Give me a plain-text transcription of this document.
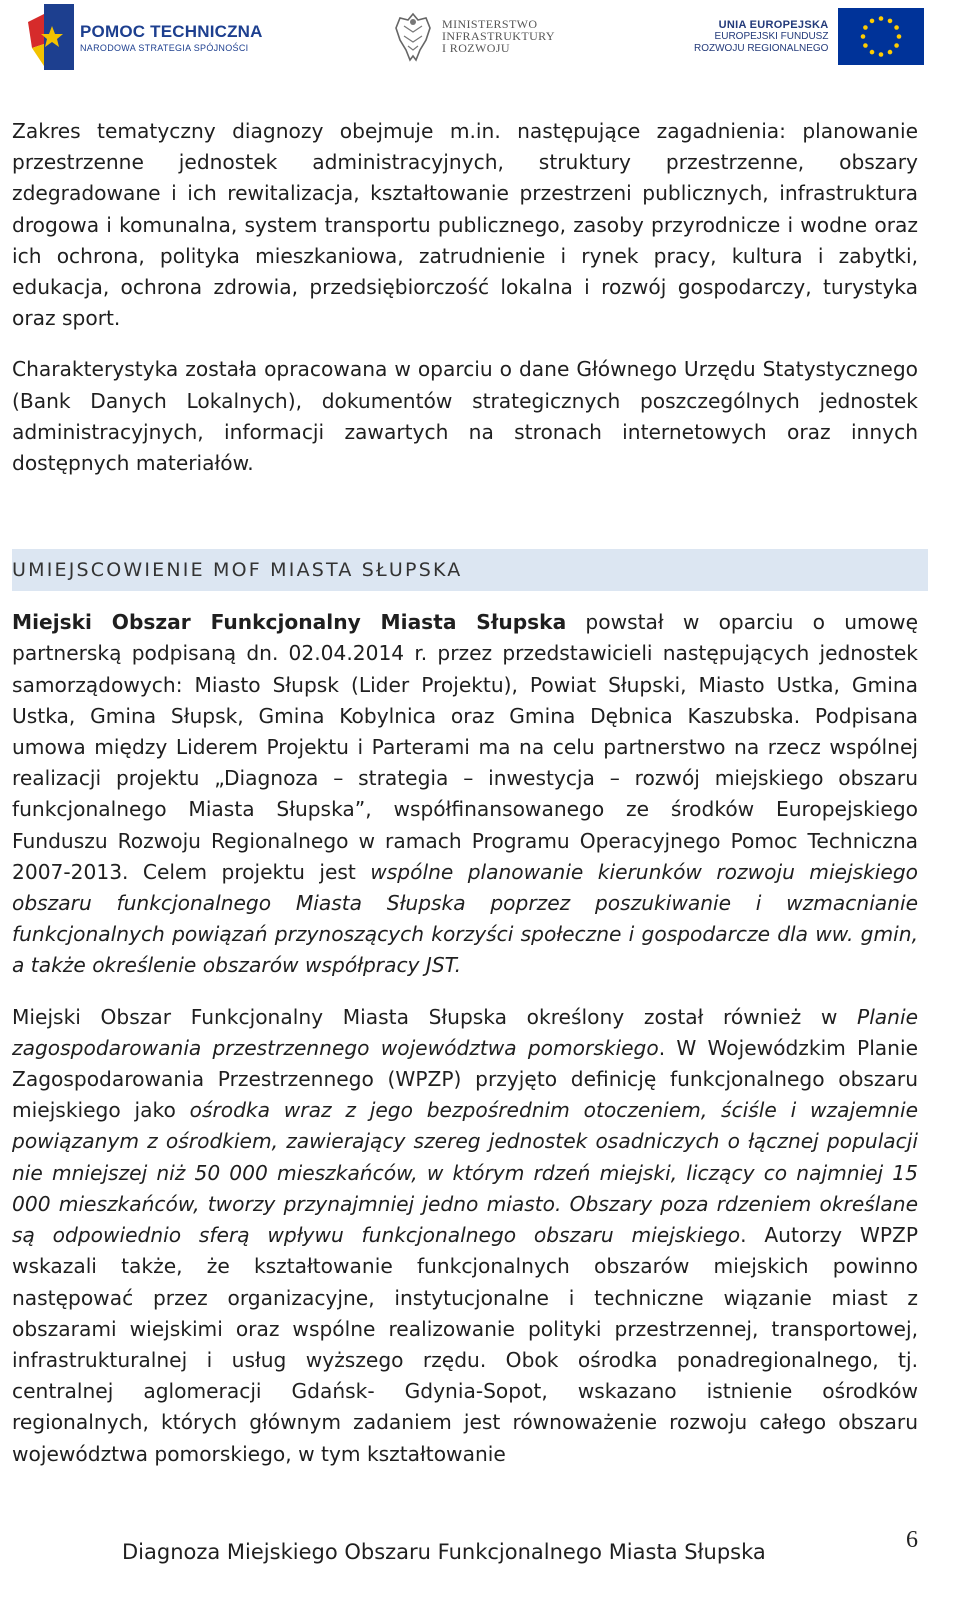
POMOC TECHNICZNA
NARODOWA STRATEGIA SPÓJNOŚCI
MINISTERSTWO
INFRASTRUKTURY
I ROZWOJU
UNIA EUROPEJSKA
EUROPEJSKI FUNDUSZ
ROZWOJU REGIONALNEGO

Zakres tematyczny diagnozy obejmuje m.in. następujące zagadnienia: planowanie przestrzenne jednostek administracyjnych, struktury przestrzenne, obszary zdegradowane i ich rewitalizacja, kształtowanie przestrzeni publicznych, infrastruktura drogowa i komunalna, system transportu publicznego, zasoby przyrodnicze i wodne oraz ich ochrona, polityka mieszkaniowa, zatrudnienie i rynek pracy, kultura i zabytki, edukacja, ochrona zdrowia, przedsiębiorczość lokalna i rozwój gospodarczy, turystyka oraz sport.

Charakterystyka została opracowana w oparciu o dane Głównego Urzędu Statystycznego (Bank Danych Lokalnych), dokumentów strategicznych poszczególnych jednostek administracyjnych, informacji zawartych na stronach internetowych oraz innych dostępnych materiałów.

UMIEJSCOWIENIE MOF MIASTA SŁUPSKA

Miejski Obszar Funkcjonalny Miasta Słupska powstał w oparciu o umowę partnerską podpisaną dn. 02.04.2014 r. przez przedstawicieli następujących jednostek samorządowych: Miasto Słupsk (Lider Projektu), Powiat Słupski, Miasto Ustka, Gmina Ustka, Gmina Słupsk, Gmina Kobylnica oraz Gmina Dębnica Kaszubska. Podpisana umowa między Liderem Projektu i Parterami ma na celu partnerstwo na rzecz wspólnej realizacji projektu „Diagnoza – strategia – inwestycja – rozwój miejskiego obszaru funkcjonalnego Miasta Słupska”, współfinansowanego ze środków Europejskiego Funduszu Rozwoju Regionalnego w ramach Programu Operacyjnego Pomoc Techniczna 2007-2013. Celem projektu jest wspólne planowanie kierunków rozwoju miejskiego obszaru funkcjonalnego Miasta Słupska poprzez poszukiwanie i wzmacnianie funkcjonalnych powiązań przynoszących korzyści społeczne i gospodarcze dla ww. gmin, a także określenie obszarów współpracy JST.

Miejski Obszar Funkcjonalny Miasta Słupska określony został również w Planie zagospodarowania przestrzennego województwa pomorskiego. W Wojewódzkim Planie Zagospodarowania Przestrzennego (WPZP) przyjęto definicję funkcjonalnego obszaru miejskiego jako ośrodka wraz z jego bezpośrednim otoczeniem, ściśle i wzajemnie powiązanym z ośrodkiem, zawierający szereg jednostek osadniczych o łącznej populacji nie mniejszej niż 50 000 mieszkańców, w którym rdzeń miejski, liczący co najmniej 15 000 mieszkańców, tworzy przynajmniej jedno miasto. Obszary poza rdzeniem określane są odpowiednio sferą wpływu funkcjonalnego obszaru miejskiego. Autorzy WPZP wskazali także, że kształtowanie funkcjonalnych obszarów miejskich powinno następować przez organizacyjne, instytucjonalne i techniczne wiązanie miast z obszarami wiejskimi oraz wspólne realizowanie polityki przestrzennej, transportowej, infrastrukturalnej i usług wyższego rzędu. Obok ośrodka ponadregionalnego, tj. centralnej aglomeracji Gdańsk- Gdynia-Sopot, wskazano istnienie ośrodków regionalnych, których głównym zadaniem jest równoważenie rozwoju całego obszaru województwa pomorskiego, w tym kształtowanie

Diagnoza Miejskiego Obszaru Funkcjonalnego Miasta Słupska	6
